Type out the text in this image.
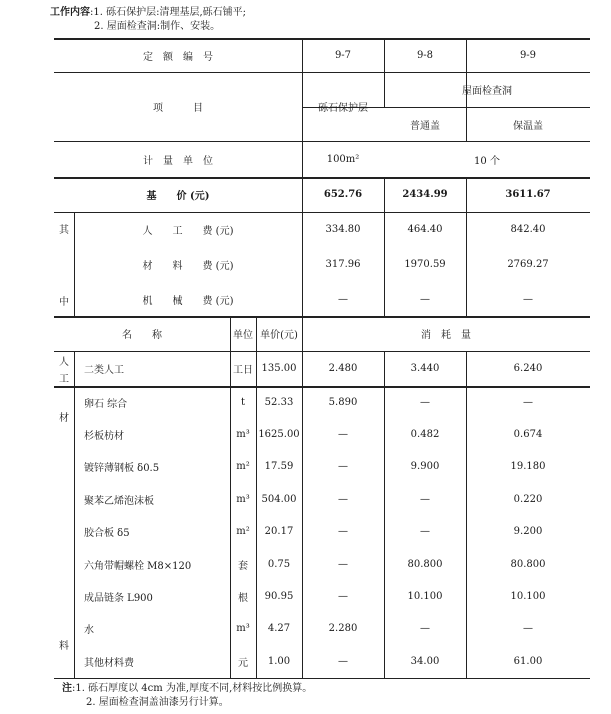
工作内容:1. 砾石保护层:清理基层,砾石铺平;
2. 屋面检查洞:制作、安装。
定　额　编　号	9-7	9-8	9-9
项　　　目	砾石保护层
屋面检查洞
普通盖	保温盖
计　量　单　位	100m²	10 个
基　　价 (元)	652.76	2434.99	3611.67
其
中
人　　工　　费 (元)	334.80	464.40	842.40
材　　料　　费 (元)	317.96	1970.59	2769.27
机　　械　　费 (元)	—	—	—
名　　称	单位 单价(元)	消　耗　量
人
工
二类人工	工日 135.00	2.480	3.440	6.240
材
料
卵石 综合	t	52.33	5.890	—	—
杉板枋材	m³ 1625.00	—	0.482	0.674
镀锌薄钢板 δ0.5	m²	17.59	—	9.900	19.180
聚苯乙烯泡沫板	m³	504.00	—	—	0.220
胶合板 δ5	m²	20.17	—	—	9.200
六角带帽螺栓 M8×120	套	0.75	—	80.800	80.800
成品链条 L900	根	90.95	—	10.100	10.100
水	m³	4.27	2.280	—	—
其他材料费	元	1.00	—	34.00	61.00
注:1. 砾石厚度以 4cm 为准,厚度不同,材料按比例换算。
2. 屋面检查洞盖油漆另行计算。
